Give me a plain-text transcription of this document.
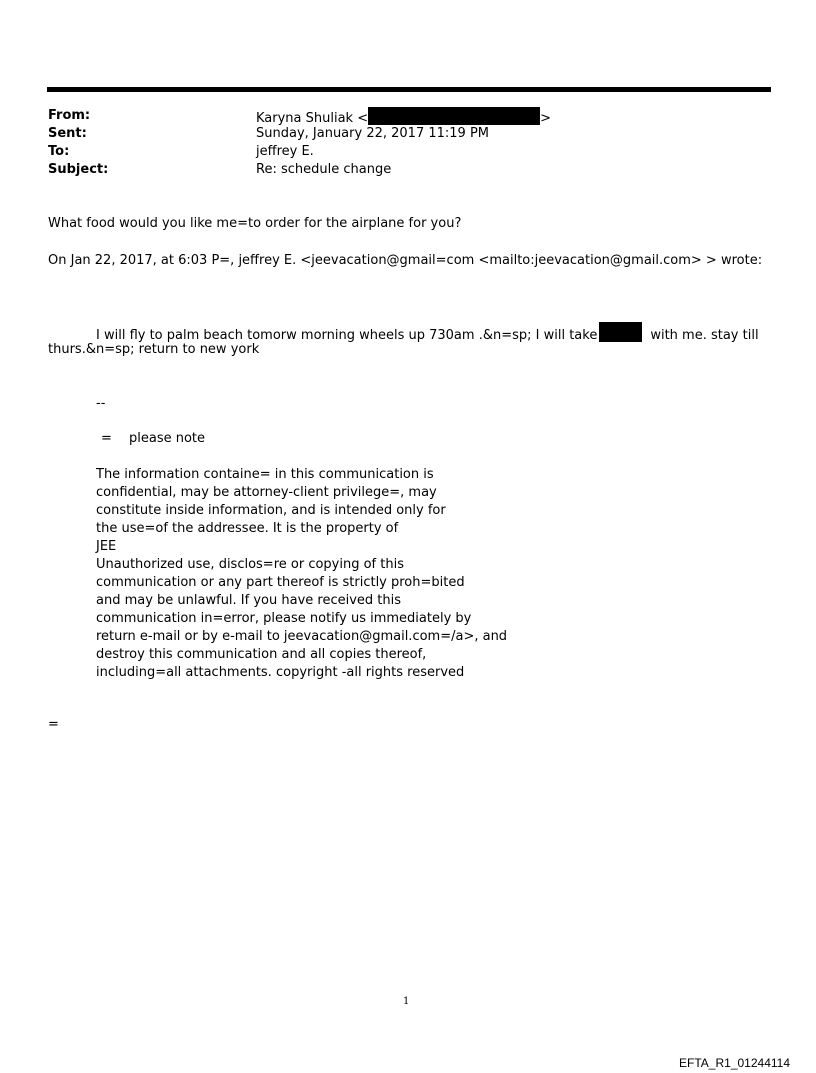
From:	Karyna Shuliak <	>
Sent:	Sunday, January 22, 2017 11:19 PM
To:	jeffrey E.
Subject:	Re: schedule change
What food would you like me=to order for the airplane for you?
On Jan 22, 2017, at 6:03 P=, jeffrey E. <jeevacation@gmail=com <mailto:jeevacation@gmail.com> > wrote:
I will fly to palm beach tomorw morning wheels up 730am .&n=sp; I will take	with me. stay till
thurs.&n=sp; return to new york
--
= please note
The information containe= in this communication is
confidential, may be attorney-client privilege=, may
constitute inside information, and is intended only for
the use=of the addressee. It is the property of
JEE
Unauthorized use, disclos=re or copying of this
communication or any part thereof is strictly proh=bited
and may be unlawful. If you have received this
communication in=error, please notify us immediately by
return e-mail or by e-mail to jeevacation@gmail.com=/a>, and
destroy this communication and all copies thereof,
including=all attachments. copyright -all rights reserved
=
1
EFTA_R1_01244114
